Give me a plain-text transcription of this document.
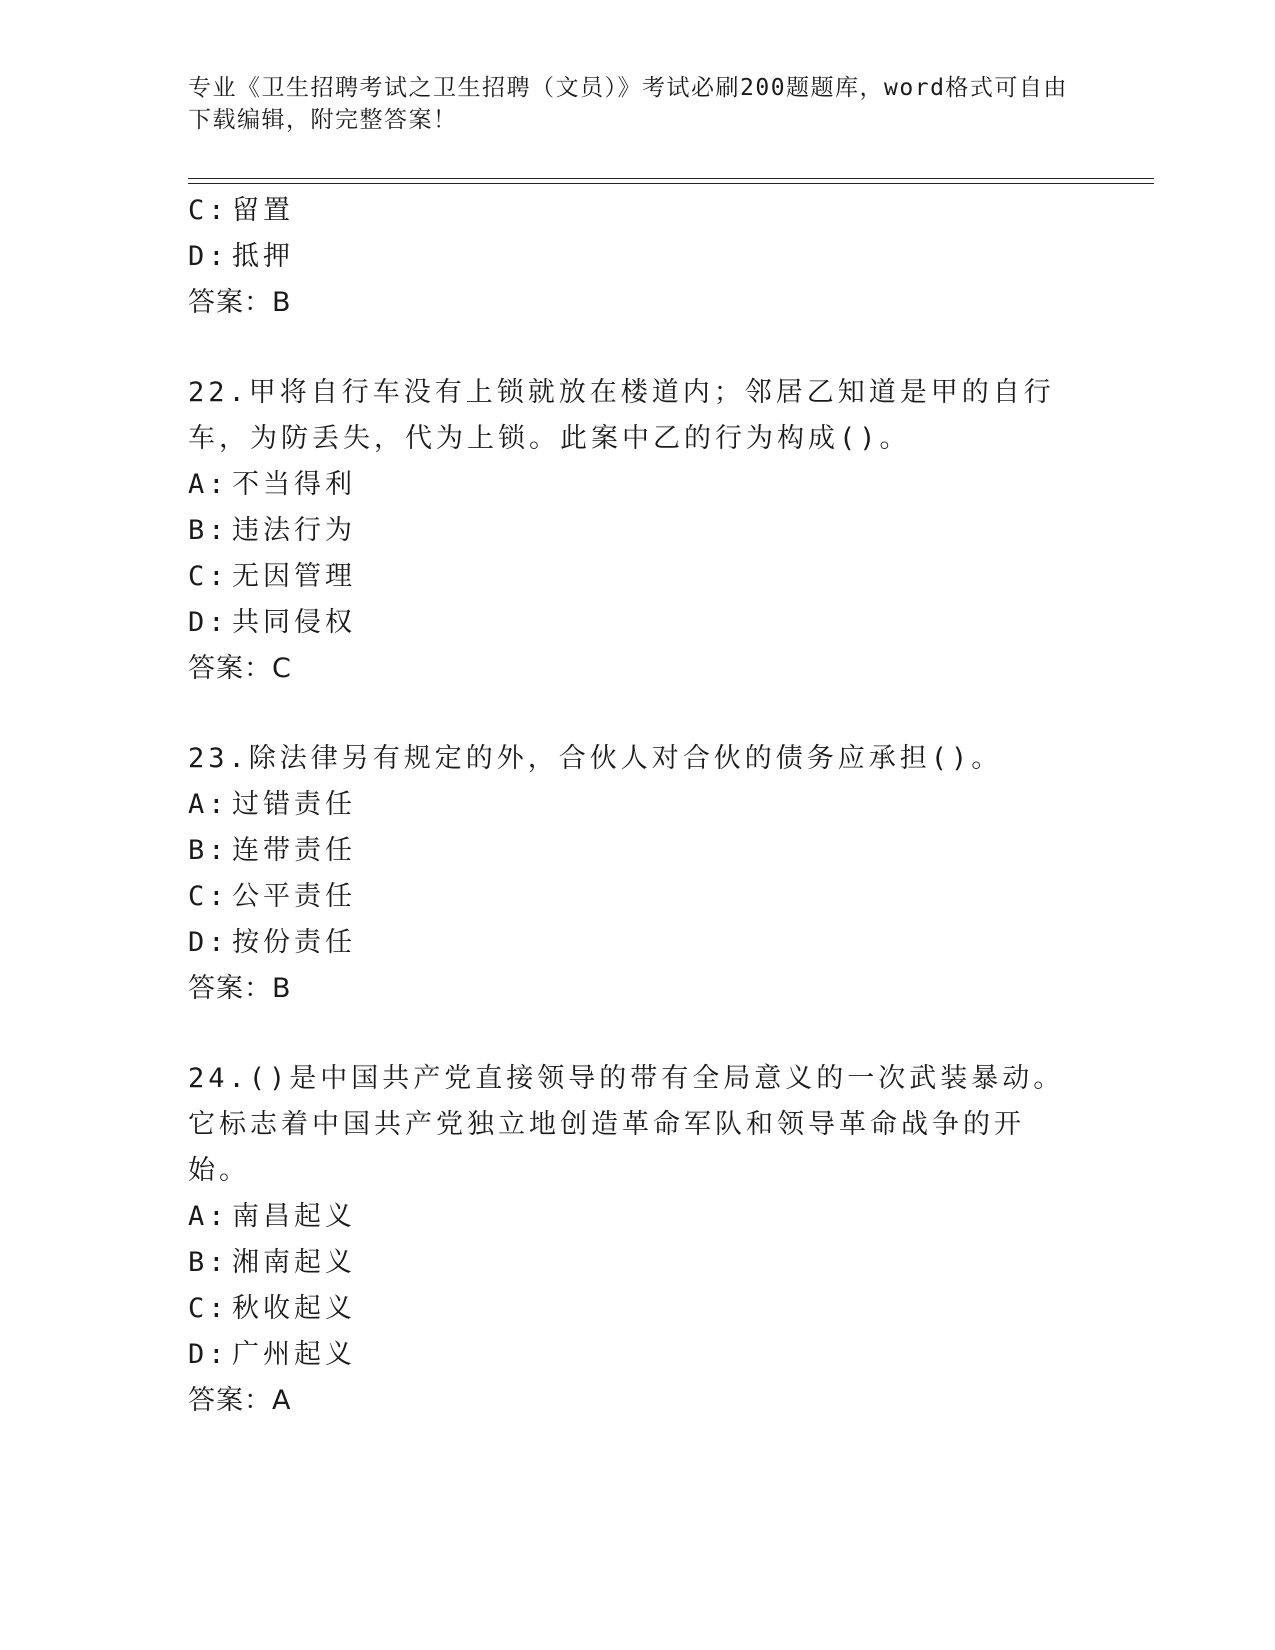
专业《卫生招聘考试之卫生招聘（文员）》考试必刷200题题库，word格式可自由下载编辑，附完整答案！

C: 留置

D: 抵押

答案：B

22.甲将自行车没有上锁就放在楼道内；邻居乙知道是甲的自行车，为防丢失，代为上锁。此案中乙的行为构成()。

A: 不当得利

B: 违法行为

C: 无因管理

D: 共同侵权

答案：C

23.除法律另有规定的外，合伙人对合伙的债务应承担()。

A: 过错责任

B: 连带责任

C: 公平责任

D: 按份责任

答案：B

24.()是中国共产党直接领导的带有全局意义的一次武装暴动。它标志着中国共产党独立地创造革命军队和领导革命战争的开始。

A: 南昌起义

B: 湘南起义

C: 秋收起义

D: 广州起义

答案：A
